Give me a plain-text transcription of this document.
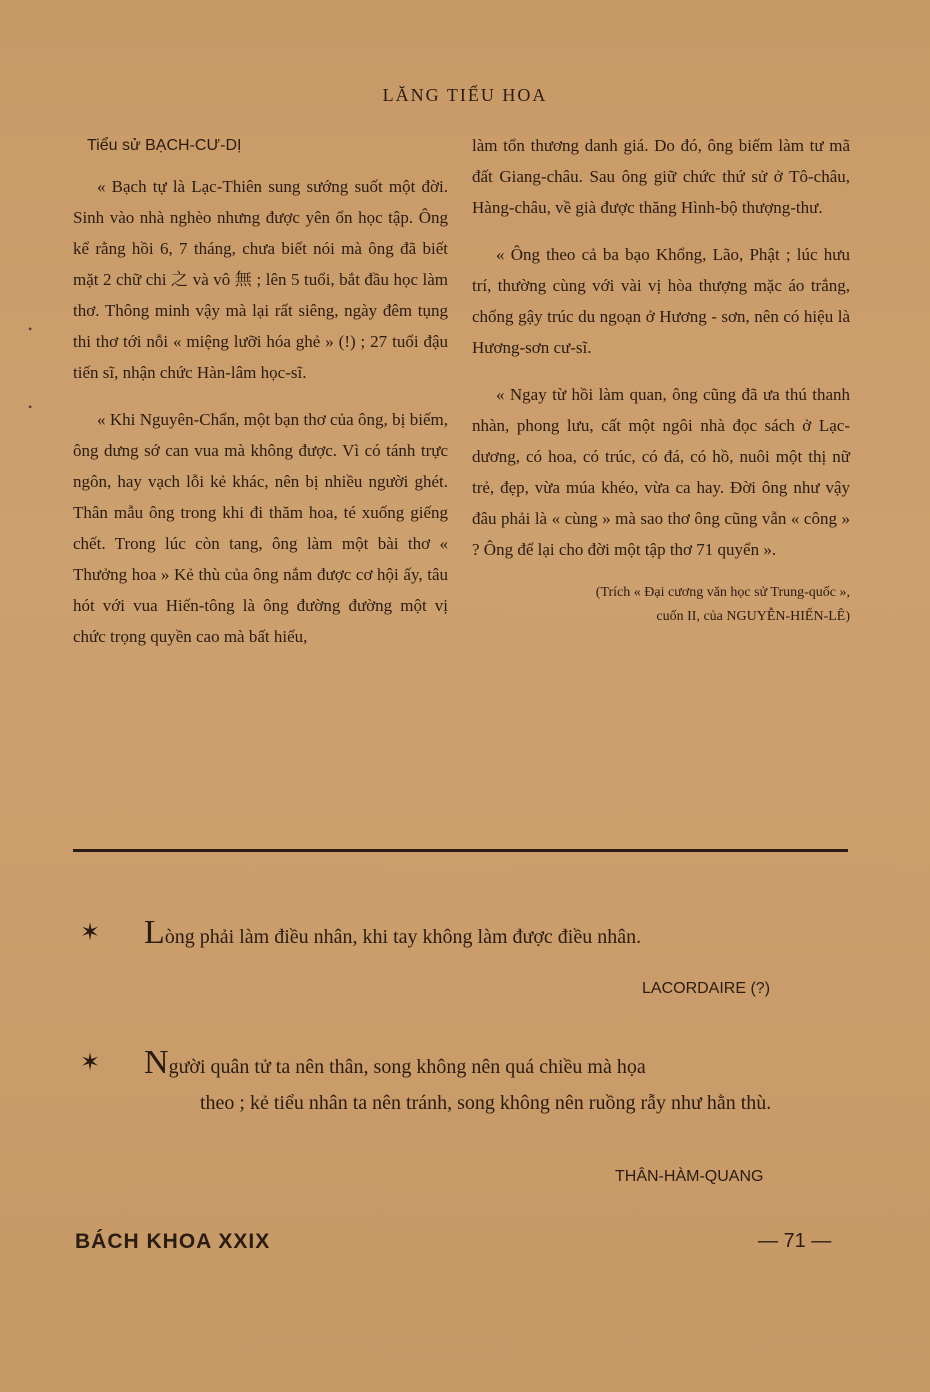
LĂNG TIỂU HOA
Tiểu sử BẠCH-CƯ-DỊ

« Bạch tự là Lạc-Thiên sung sướng suốt một đời. Sinh vào nhà nghèo nhưng được yên ổn học tập. Ông kể rằng hồi 6, 7 tháng, chưa biết nói mà ông đã biết mặt 2 chữ chi 之 và vô 無 ; lên 5 tuổi, bắt đầu học làm thơ. Thông minh vậy mà lại rất siêng, ngày đêm tụng thi thơ tới nỗi « miệng lưỡi hóa ghẻ » (!) ; 27 tuổi đậu tiến sĩ, nhận chức Hàn-lâm học-sĩ.

« Khi Nguyên-Chẩn, một bạn thơ của ông, bị biếm, ông dưng sớ can vua mà không được. Vì có tánh trực ngôn, hay vạch lỗi kẻ khác, nên bị nhiều người ghét. Thân mẫu ông trong khi đi thăm hoa, té xuống giếng chết. Trong lúc còn tang, ông làm một bài thơ « Thưởng hoa » Kẻ thù của ông nắm được cơ hội ấy, tâu hót với vua Hiến-tông là ông đường đường một vị chức trọng quyền cao mà bất hiếu,

làm tổn thương danh giá. Do đó, ông biếm làm tư mã đất Giang-châu. Sau ông giữ chức thứ sử ở Tô-châu, Hàng-châu, về già được thăng Hình-bộ thượng-thư.

« Ông theo cả ba bạo Khổng, Lão, Phật ; lúc hưu trí, thường cùng với vài vị hòa thượng mặc áo trắng, chống gậy trúc du ngoạn ở Hương - sơn, nên có hiệu là Hương-sơn cư-sĩ.

« Ngay từ hồi làm quan, ông cũng đã ưa thú thanh nhàn, phong lưu, cất một ngôi nhà đọc sách ở Lạc-dương, có hoa, có trúc, có đá, có hồ, nuôi một thị nữ trẻ, đẹp, vừa múa khéo, vừa ca hay. Đời ông như vậy đâu phải là « cùng » mà sao thơ ông cũng vẫn « công » ? Ông để lại cho đời một tập thơ 71 quyển ».

(Trích « Đại cương văn học sử Trung-quốc »,
cuốn II, của NGUYỄN-HIẾN-LÊ)
✶ Lòng phải làm điều nhân, khi tay không làm được điều nhân.
LACORDAIRE (?)
✶ Người quân tử ta nên thân, song không nên quá chiều mà họa
theo ; kẻ tiểu nhân ta nên tránh, song không nên ruồng rẫy như hằn thù.
THÂN-HÀM-QUANG
BÁCH KHOA XXIX	— 71 —
•
•
